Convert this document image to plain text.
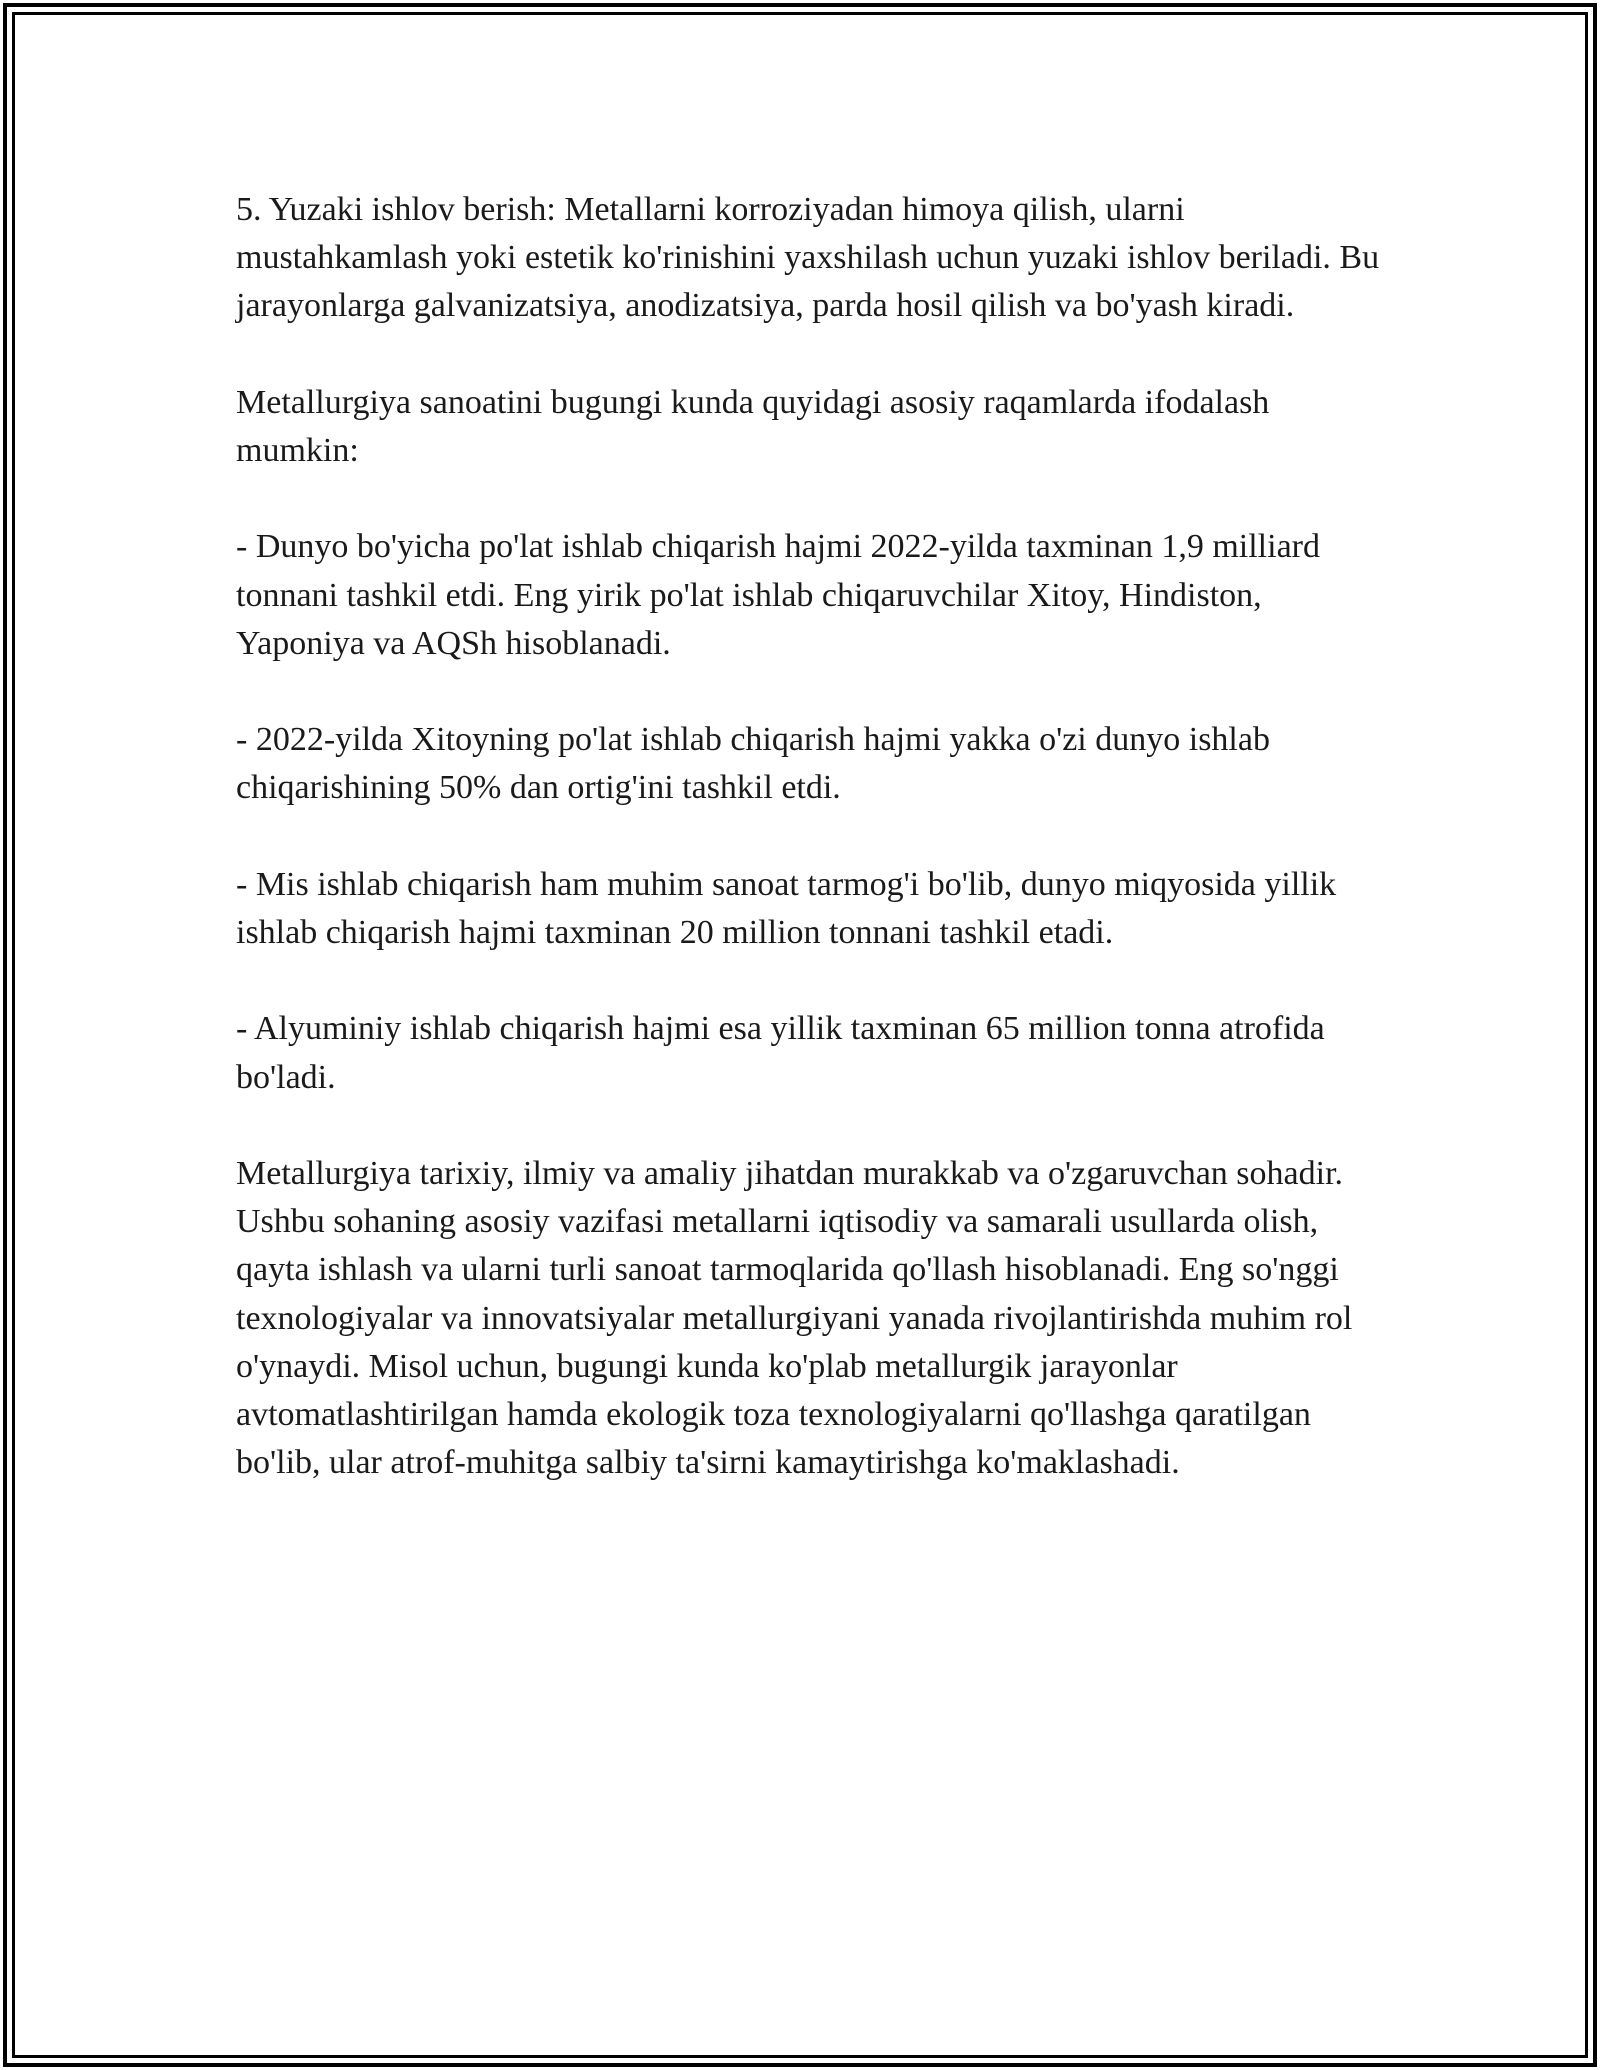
5. Yuzaki ishlov berish: Metallarni korroziyadan himoya qilish, ularni mustahkamlash yoki estetik ko'rinishini yaxshilash uchun yuzaki ishlov beriladi. Bu jarayonlarga galvanizatsiya, anodizatsiya, parda hosil qilish va bo'yash kiradi.

Metallurgiya sanoatini bugungi kunda quyidagi asosiy raqamlarda ifodalash mumkin:

- Dunyo bo'yicha po'lat ishlab chiqarish hajmi 2022-yilda taxminan 1,9 milliard tonnani tashkil etdi. Eng yirik po'lat ishlab chiqaruvchilar Xitoy, Hindiston, Yaponiya va AQSh hisoblanadi.

- 2022-yilda Xitoyning po'lat ishlab chiqarish hajmi yakka o'zi dunyo ishlab chiqarishining 50% dan ortig'ini tashkil etdi.

- Mis ishlab chiqarish ham muhim sanoat tarmog'i bo'lib, dunyo miqyosida yillik ishlab chiqarish hajmi taxminan 20 million tonnani tashkil etadi.

- Alyuminiy ishlab chiqarish hajmi esa yillik taxminan 65 million tonna atrofida bo'ladi.

Metallurgiya tarixiy, ilmiy va amaliy jihatdan murakkab va o'zgaruvchan sohadir. Ushbu sohaning asosiy vazifasi metallarni iqtisodiy va samarali usullarda olish, qayta ishlash va ularni turli sanoat tarmoqlarida qo'llash hisoblanadi. Eng so'nggi texnologiyalar va innovatsiyalar metallurgiyani yanada rivojlantirishda muhim rol o'ynaydi. Misol uchun, bugungi kunda ko'plab metallurgik jarayonlar avtomatlashtirilgan hamda ekologik toza texnologiyalarni qo'llashga qaratilgan bo'lib, ular atrof-muhitga salbiy ta'sirni kamaytirishga ko'maklashadi.
